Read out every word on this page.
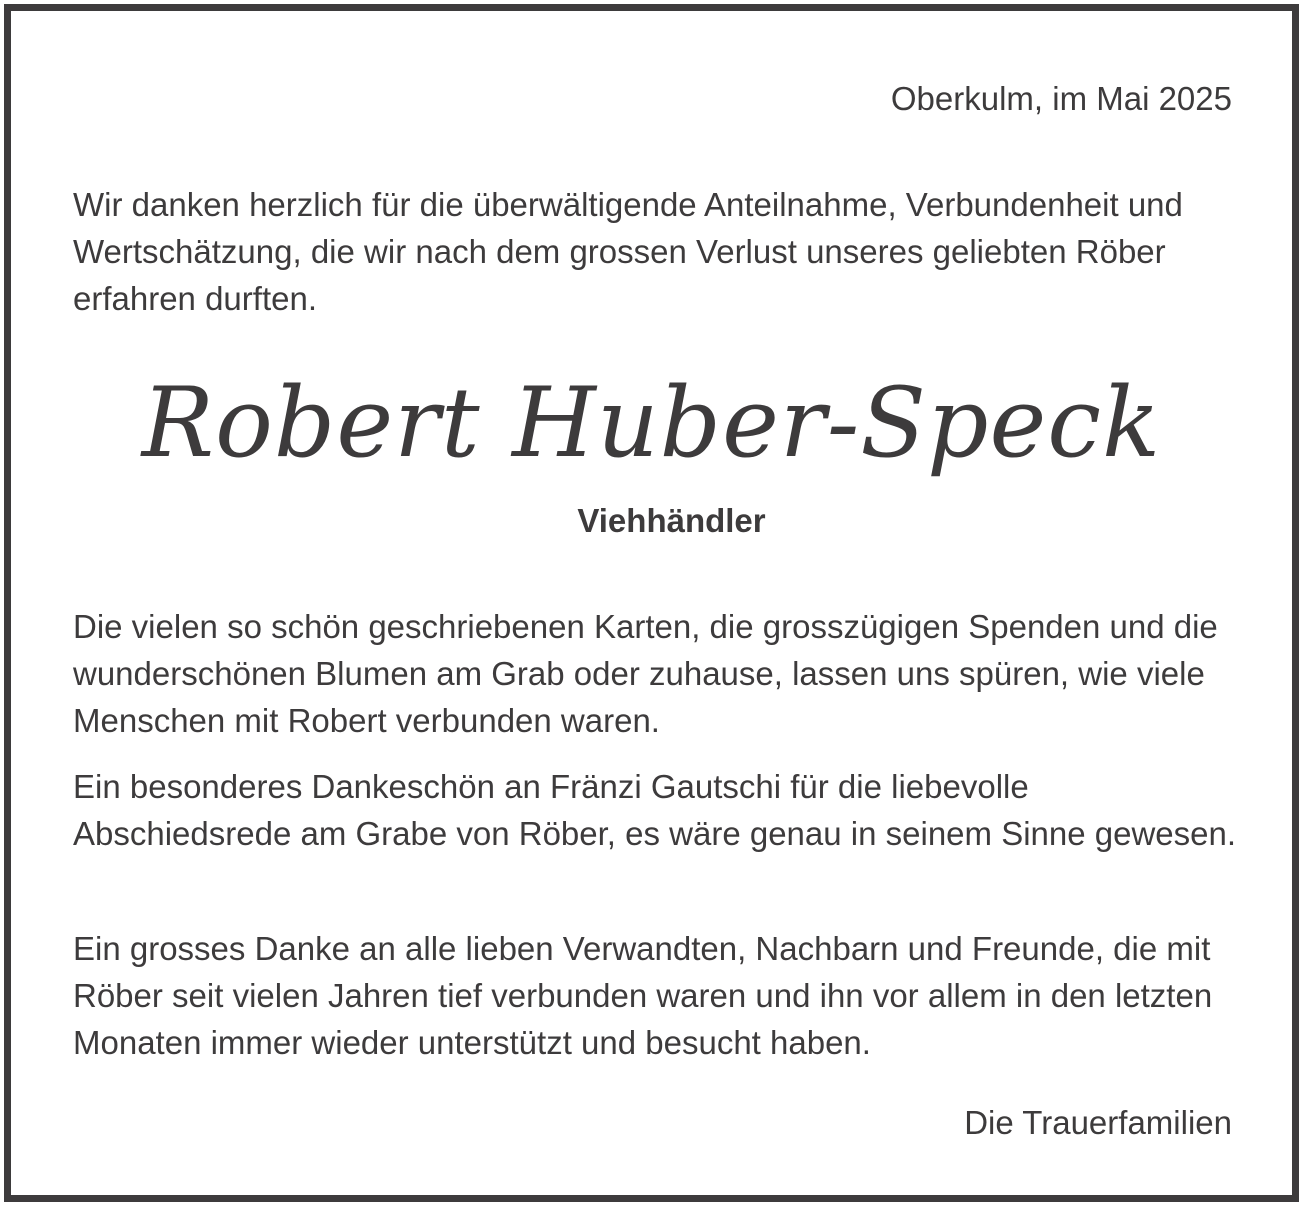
Oberkulm, im Mai 2025

Wir danken herzlich für die überwältigende Anteilnahme, Verbundenheit und Wertschätzung, die wir nach dem grossen Verlust unseres geliebten Röber erfahren durften.

Robert Huber-Speck
Viehhändler

Die vielen so schön geschriebenen Karten, die grosszügigen Spenden und die wunderschönen Blumen am Grab oder zuhause, lassen uns spüren, wie viele Menschen mit Robert verbunden waren.

Ein besonderes Dankeschön an Fränzi Gautschi für die liebevolle Abschiedsrede am Grabe von Röber, es wäre genau in seinem Sinne gewesen.

Ein grosses Danke an alle lieben Verwandten, Nachbarn und Freunde, die mit Röber seit vielen Jahren tief verbunden waren und ihn vor allem in den letzten Monaten immer wieder unterstützt und besucht haben.

Die Trauerfamilien
